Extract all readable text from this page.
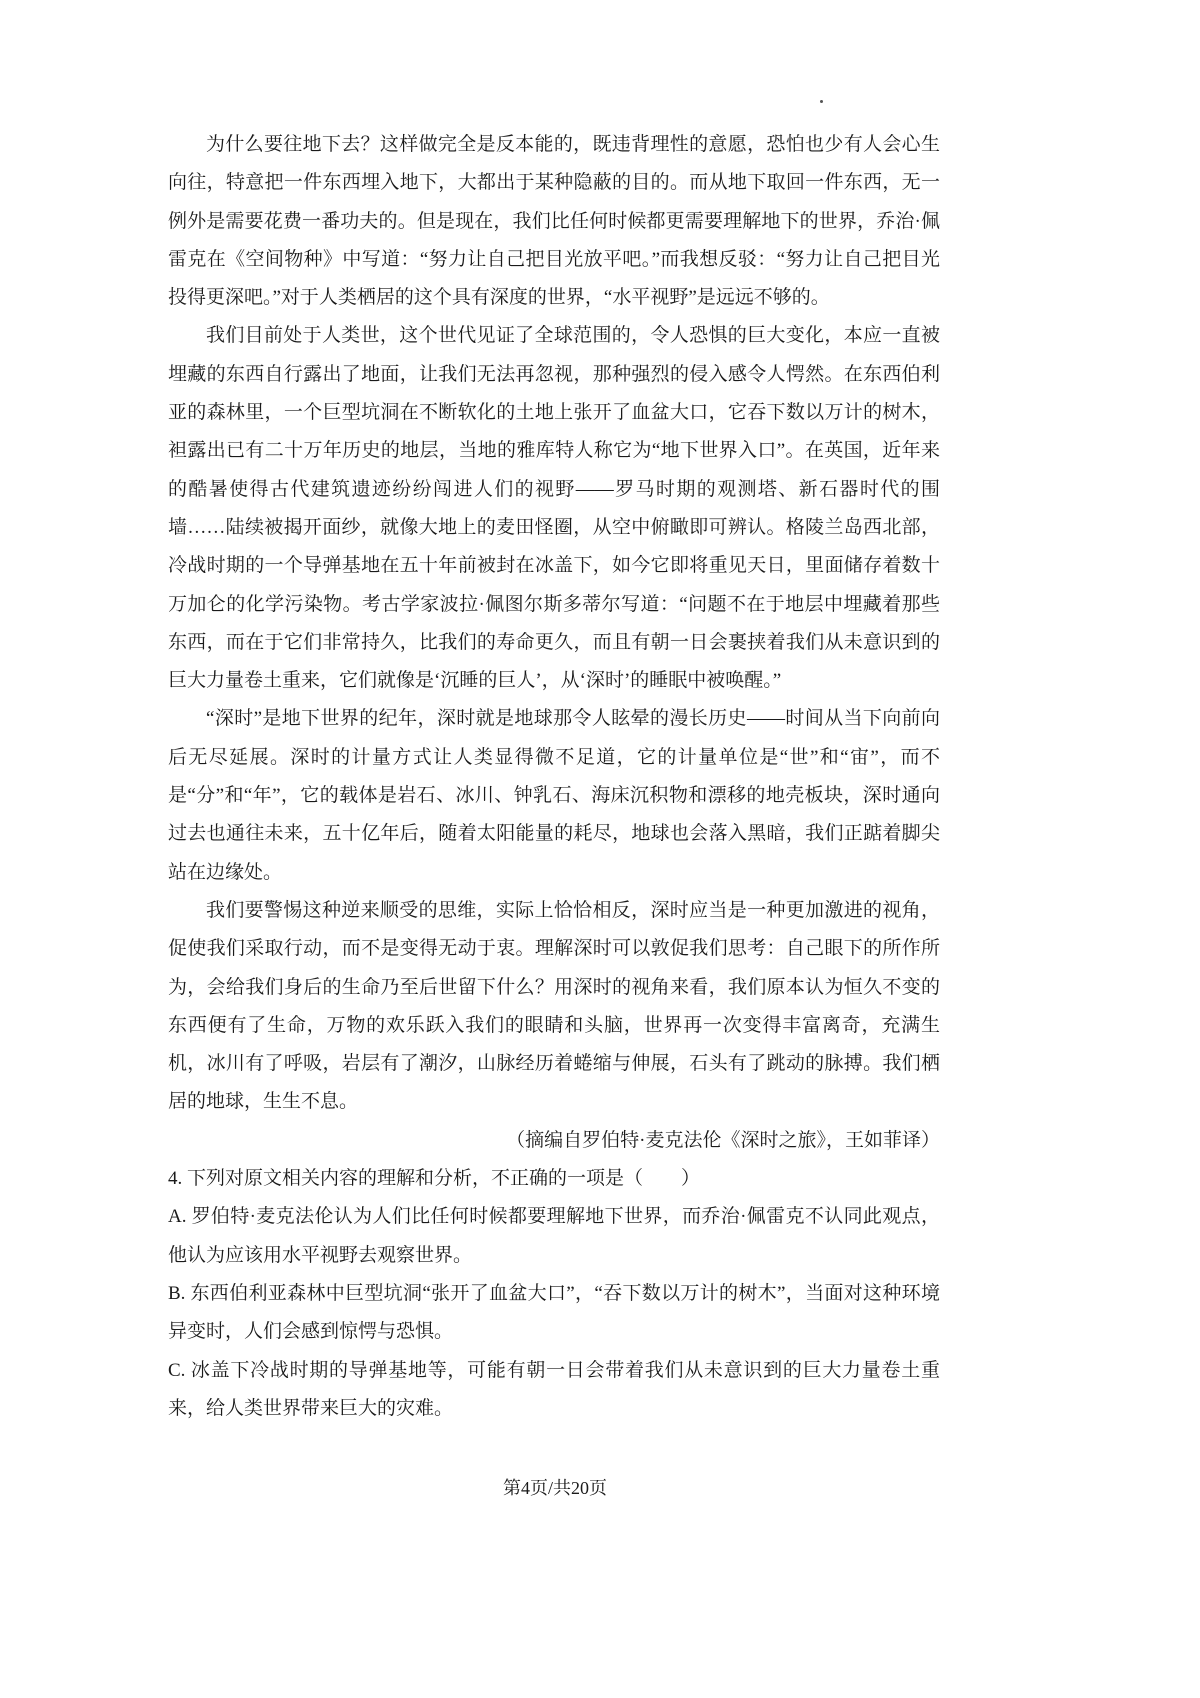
为什么要往地下去？这样做完全是反本能的，既违背理性的意愿，恐怕也少有人会心生向往，特意把一件东西埋入地下，大都出于某种隐蔽的目的。而从地下取回一件东西，无一例外是需要花费一番功夫的。但是现在，我们比任何时候都更需要理解地下的世界，乔治·佩雷克在《空间物种》中写道：“努力让自己把目光放平吧。”而我想反驳：“努力让自己把目光投得更深吧。”对于人类栖居的这个具有深度的世界，“水平视野”是远远不够的。

我们目前处于人类世，这个世代见证了全球范围的，令人恐惧的巨大变化，本应一直被埋藏的东西自行露出了地面，让我们无法再忽视，那种强烈的侵入感令人愕然。在东西伯利亚的森林里，一个巨型坑洞在不断软化的土地上张开了血盆大口，它吞下数以万计的树木，袒露出已有二十万年历史的地层，当地的雅库特人称它为“地下世界入口”。在英国，近年来的酷暑使得古代建筑遗迹纷纷闯进人们的视野——罗马时期的观测塔、新石器时代的围墙……陆续被揭开面纱，就像大地上的麦田怪圈，从空中俯瞰即可辨认。格陵兰岛西北部，冷战时期的一个导弹基地在五十年前被封在冰盖下，如今它即将重见天日，里面储存着数十万加仑的化学污染物。考古学家波拉·佩图尔斯多蒂尔写道：“问题不在于地层中埋藏着那些东西，而在于它们非常持久，比我们的寿命更久，而且有朝一日会裹挟着我们从未意识到的巨大力量卷土重来，它们就像是‘沉睡的巨人’，从‘深时’的睡眠中被唤醒。”

“深时”是地下世界的纪年，深时就是地球那令人眩晕的漫长历史——时间从当下向前向后无尽延展。深时的计量方式让人类显得微不足道，它的计量单位是“世”和“宙”，而不是“分”和“年”，它的载体是岩石、冰川、钟乳石、海床沉积物和漂移的地壳板块，深时通向过去也通往未来，五十亿年后，随着太阳能量的耗尽，地球也会落入黑暗，我们正踮着脚尖站在边缘处。

我们要警惕这种逆来顺受的思维，实际上恰恰相反，深时应当是一种更加激进的视角，促使我们采取行动，而不是变得无动于衷。理解深时可以敦促我们思考：自己眼下的所作所为，会给我们身后的生命乃至后世留下什么？用深时的视角来看，我们原本认为恒久不变的东西便有了生命，万物的欢乐跃入我们的眼睛和头脑，世界再一次变得丰富离奇，充满生机，冰川有了呼吸，岩层有了潮汐，山脉经历着蜷缩与伸展，石头有了跳动的脉搏。我们栖居的地球，生生不息。

（摘编自罗伯特·麦克法伦《深时之旅》，王如菲译）

4. 下列对原文相关内容的理解和分析，不正确的一项是（　　）

A. 罗伯特·麦克法伦认为人们比任何时候都要理解地下世界，而乔治·佩雷克不认同此观点，他认为应该用水平视野去观察世界。

B. 东西伯利亚森林中巨型坑洞“张开了血盆大口”，“吞下数以万计的树木”，当面对这种环境异变时，人们会感到惊愕与恐惧。

C. 冰盖下冷战时期的导弹基地等，可能有朝一日会带着我们从未意识到的巨大力量卷土重来，给人类世界带来巨大的灾难。

第4页/共20页
